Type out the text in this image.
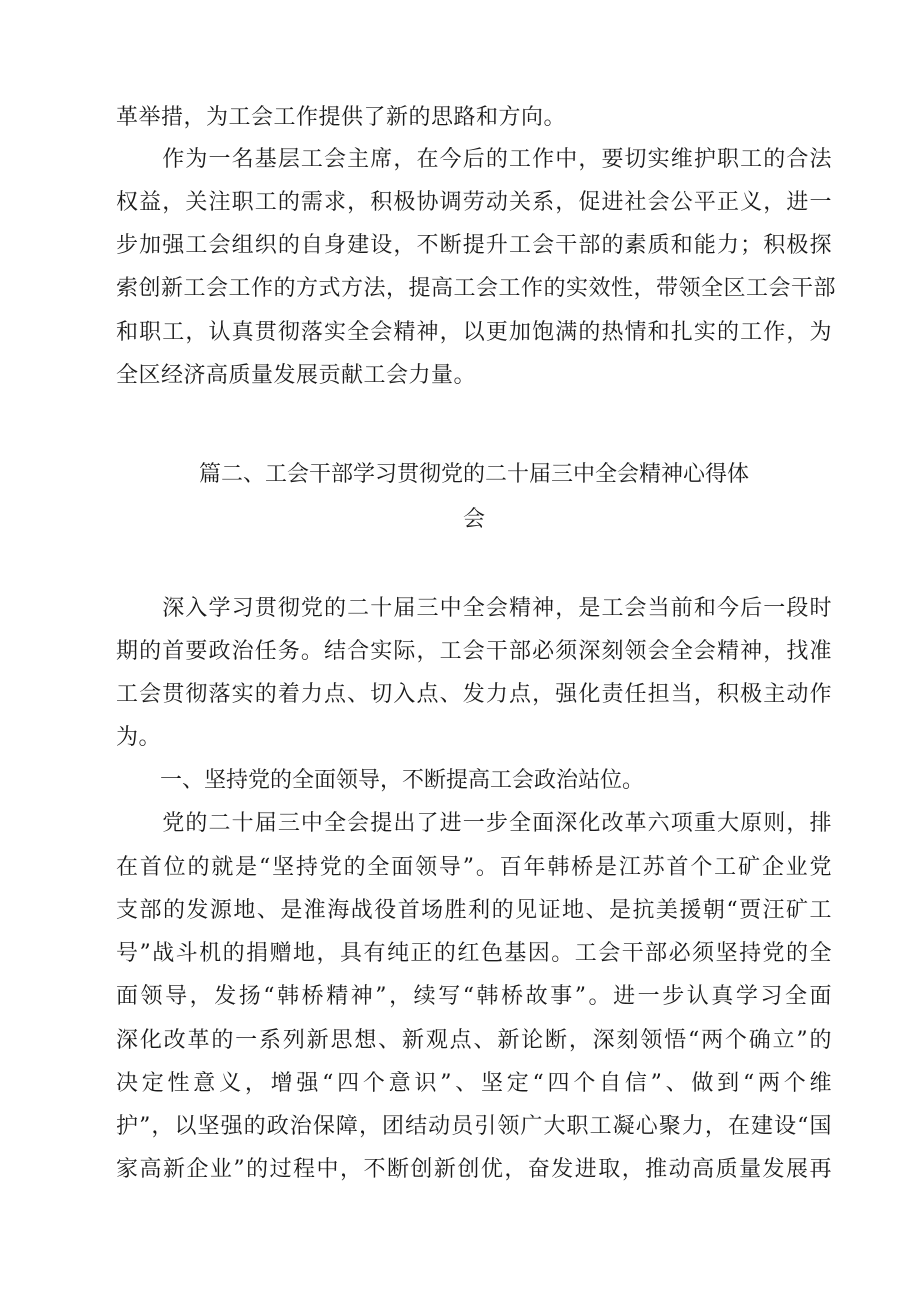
革举措，为工会工作提供了新的思路和方向。
　　作为一名基层工会主席，在今后的工作中，要切实维护职工的合法
权益，关注职工的需求，积极协调劳动关系，促进社会公平正义，进一
步加强工会组织的自身建设，不断提升工会干部的素质和能力；积极探
索创新工会工作的方式方法，提高工会工作的实效性，带领全区工会干部
和职工，认真贯彻落实全会精神，以更加饱满的热情和扎实的工作，为
全区经济高质量发展贡献工会力量。
篇二、工会干部学习贯彻党的二十届三中全会精神心得体
会
　　深入学习贯彻党的二十届三中全会精神，是工会当前和今后一段时
期的首要政治任务。结合实际，工会干部必须深刻领会全会精神，找准
工会贯彻落实的着力点、切入点、发力点，强化责任担当，积极主动作
为。
一、坚持党的全面领导，不断提高工会政治站位。
　　党的二十届三中全会提出了进一步全面深化改革六项重大原则，排
在首位的就是“坚持党的全面领导”。百年韩桥是江苏首个工矿企业党
支部的发源地、是淮海战役首场胜利的见证地、是抗美援朝“贾汪矿工
号”战斗机的捐赠地，具有纯正的红色基因。工会干部必须坚持党的全
面领导，发扬“韩桥精神”，续写“韩桥故事”。进一步认真学习全面
深化改革的一系列新思想、新观点、新论断，深刻领悟“两个确立”的
决定性意义，增强“四个意识”、坚定“四个自信”、做到“两个维
护”，以坚强的政治保障，团结动员引领广大职工凝心聚力，在建设“国
家高新企业”的过程中，不断创新创优，奋发进取，推动高质量发展再
